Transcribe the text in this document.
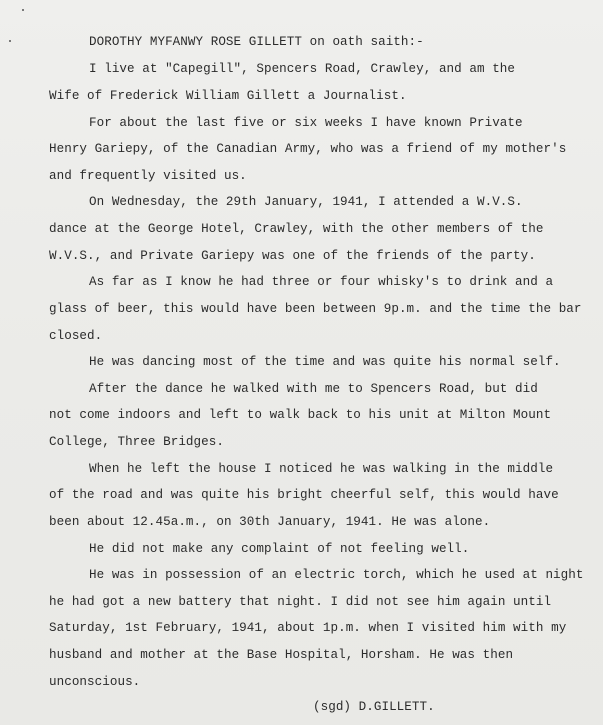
DOROTHY MYFANWY ROSE GILLETT on oath saith:-
I live at "Capegill", Spencers Road, Crawley, and am the
Wife of Frederick William Gillett a Journalist.
For about the last five or six weeks I have known Private
Henry Gariepy, of the Canadian Army, who was a friend of my mother's
and frequently visited us.
On Wednesday, the 29th January, 1941, I attended a W.V.S.
dance at the George Hotel, Crawley, with the other members of the
W.V.S., and Private Gariepy was one of the friends of the party.
As far as I know he had three or four whisky's to drink and a
glass of beer, this would have been between 9p.m. and the time the bar
closed.
He was dancing most of the time and was quite his normal self.
After the dance he walked with me to Spencers Road, but did
not come indoors and left to walk back to his unit at Milton Mount
College, Three Bridges.
When he left the house I noticed he was walking in the middle
of the road and was quite his bright cheerful self, this would have
been about 12.45a.m., on 30th January, 1941. He was alone.
He did not make any complaint of not feeling well.
He was in possession of an electric torch, which he used at night
he had got a new battery that night. I did not see him again until
Saturday, 1st February, 1941, about 1p.m. when I visited him with my
husband and mother at the Base Hospital, Horsham. He was then
unconscious.
(sgd) D.GILLETT.
